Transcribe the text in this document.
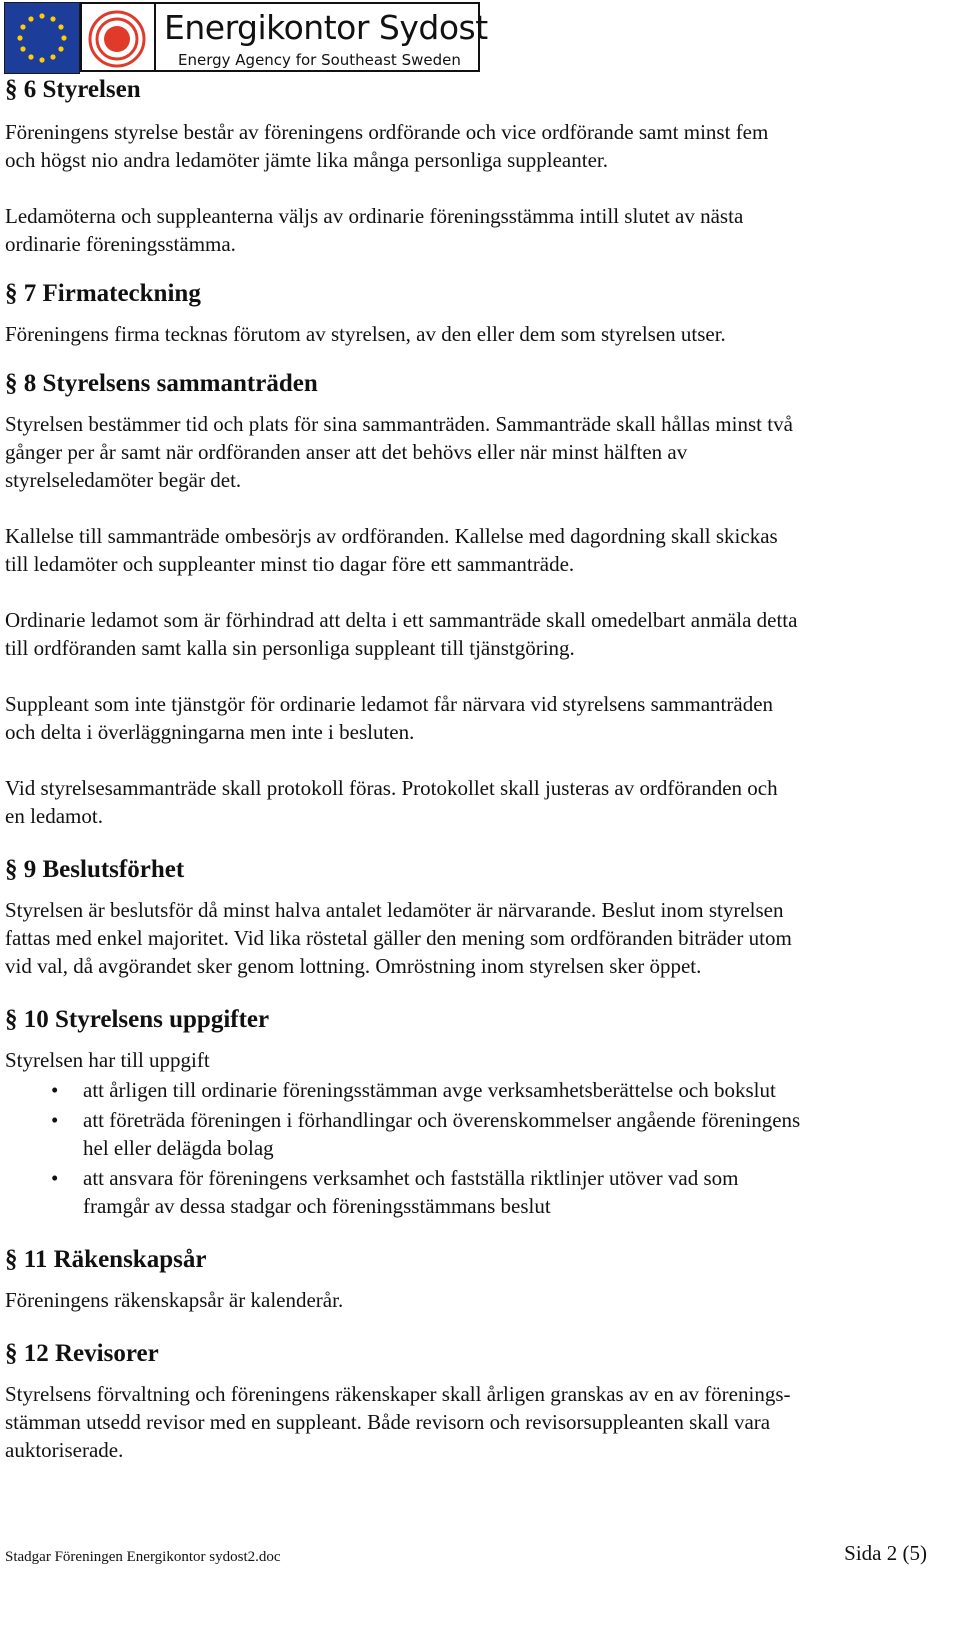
Energikontor Sydost
Energy Agency for Southeast Sweden
§ 6 Styrelsen

Föreningens styrelse består av föreningens ordförande och vice ordförande samt minst fem

och högst nio andra ledamöter jämte lika många personliga suppleanter.

Ledamöterna och suppleanterna väljs av ordinarie föreningsstämma intill slutet av nästa

ordinarie föreningsstämma.

§ 7 Firmateckning

Föreningens firma tecknas förutom av styrelsen, av den eller dem som styrelsen utser.

§ 8 Styrelsens sammanträden

Styrelsen bestämmer tid och plats för sina sammanträden. Sammanträde skall hållas minst två

gånger per år samt när ordföranden anser att det behövs eller när minst hälften av

styrelseledamöter begär det.

Kallelse till sammanträde ombesörjs av ordföranden. Kallelse med dagordning skall skickas

till ledamöter och suppleanter minst tio dagar före ett sammanträde.

Ordinarie ledamot som är förhindrad att delta i ett sammanträde skall omedelbart anmäla detta

till ordföranden samt kalla sin personliga suppleant till tjänstgöring.

Suppleant som inte tjänstgör för ordinarie ledamot får närvara vid styrelsens sammanträden

och delta i överläggningarna men inte i besluten.

Vid styrelsesammanträde skall protokoll föras. Protokollet skall justeras av ordföranden och

en ledamot.

§ 9 Beslutsförhet

Styrelsen är beslutsför då minst halva antalet ledamöter är närvarande. Beslut inom styrelsen

fattas med enkel majoritet. Vid lika röstetal gäller den mening som ordföranden biträder utom

vid val, då avgörandet sker genom lottning. Omröstning inom styrelsen sker öppet.

§ 10 Styrelsens uppgifter

Styrelsen har till uppgift

• att årligen till ordinarie föreningsstämman avge verksamhetsberättelse och bokslut
• att företräda föreningen i förhandlingar och överenskommelser angående föreningens
hel eller delägda bolag
• att ansvara för föreningens verksamhet och fastställa riktlinjer utöver vad som
framgår av dessa stadgar och föreningsstämmans beslut
§ 11 Räkenskapsår

Föreningens räkenskapsår är kalenderår.

§ 12 Revisorer

Styrelsens förvaltning och föreningens räkenskaper skall årligen granskas av en av förenings-

stämman utsedd revisor med en suppleant. Både revisorn och revisorsuppleanten skall vara

auktoriserade.

Stadgar Föreningen Energikontor sydost2.doc	Sida 2 (5)
